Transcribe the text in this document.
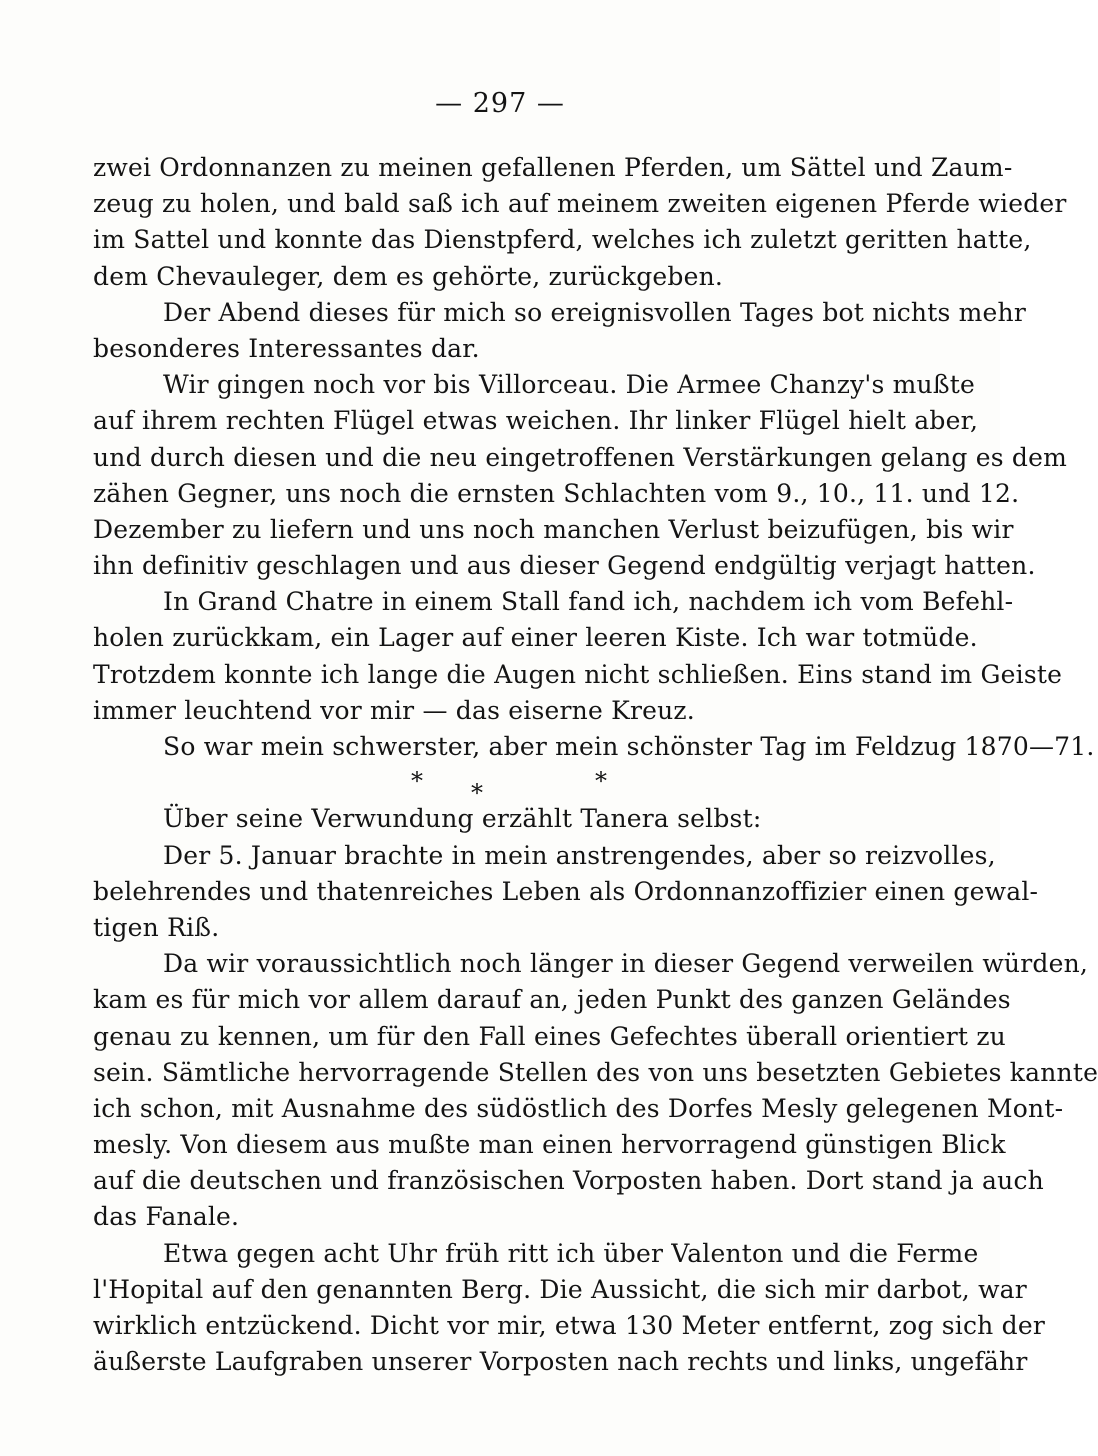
— 297 —
zwei Ordonnanzen zu meinen gefallenen Pferden, um Sättel und Zaum-
zeug zu holen, und bald saß ich auf meinem zweiten eigenen Pferde wieder
im Sattel und konnte das Dienstpferd, welches ich zuletzt geritten hatte,
dem Chevauleger, dem es gehörte, zurückgeben.
Der Abend dieses für mich so ereignisvollen Tages bot nichts mehr
besonderes Interessantes dar.
Wir gingen noch vor bis Villorceau. Die Armee Chanzy's mußte
auf ihrem rechten Flügel etwas weichen. Ihr linker Flügel hielt aber,
und durch diesen und die neu eingetroffenen Verstärkungen gelang es dem
zähen Gegner, uns noch die ernsten Schlachten vom 9., 10., 11. und 12.
Dezember zu liefern und uns noch manchen Verlust beizufügen, bis wir
ihn definitiv geschlagen und aus dieser Gegend endgültig verjagt hatten.
In Grand Chatre in einem Stall fand ich, nachdem ich vom Befehl-
holen zurückkam, ein Lager auf einer leeren Kiste. Ich war totmüde.
Trotzdem konnte ich lange die Augen nicht schließen. Eins stand im Geiste
immer leuchtend vor mir — das eiserne Kreuz.
So war mein schwerster, aber mein schönster Tag im Feldzug 1870—71.
* *	*
Über seine Verwundung erzählt Tanera selbst:
Der 5. Januar brachte in mein anstrengendes, aber so reizvolles,
belehrendes und thatenreiches Leben als Ordonnanzoffizier einen gewal-
tigen Riß.
Da wir voraussichtlich noch länger in dieser Gegend verweilen würden,
kam es für mich vor allem darauf an, jeden Punkt des ganzen Geländes
genau zu kennen, um für den Fall eines Gefechtes überall orientiert zu
sein. Sämtliche hervorragende Stellen des von uns besetzten Gebietes kannte
ich schon, mit Ausnahme des südöstlich des Dorfes Mesly gelegenen Mont-
mesly. Von diesem aus mußte man einen hervorragend günstigen Blick
auf die deutschen und französischen Vorposten haben. Dort stand ja auch
das Fanale.
Etwa gegen acht Uhr früh ritt ich über Valenton und die Ferme
l'Hopital auf den genannten Berg. Die Aussicht, die sich mir darbot, war
wirklich entzückend. Dicht vor mir, etwa 130 Meter entfernt, zog sich der
äußerste Laufgraben unserer Vorposten nach rechts und links, ungefähr
